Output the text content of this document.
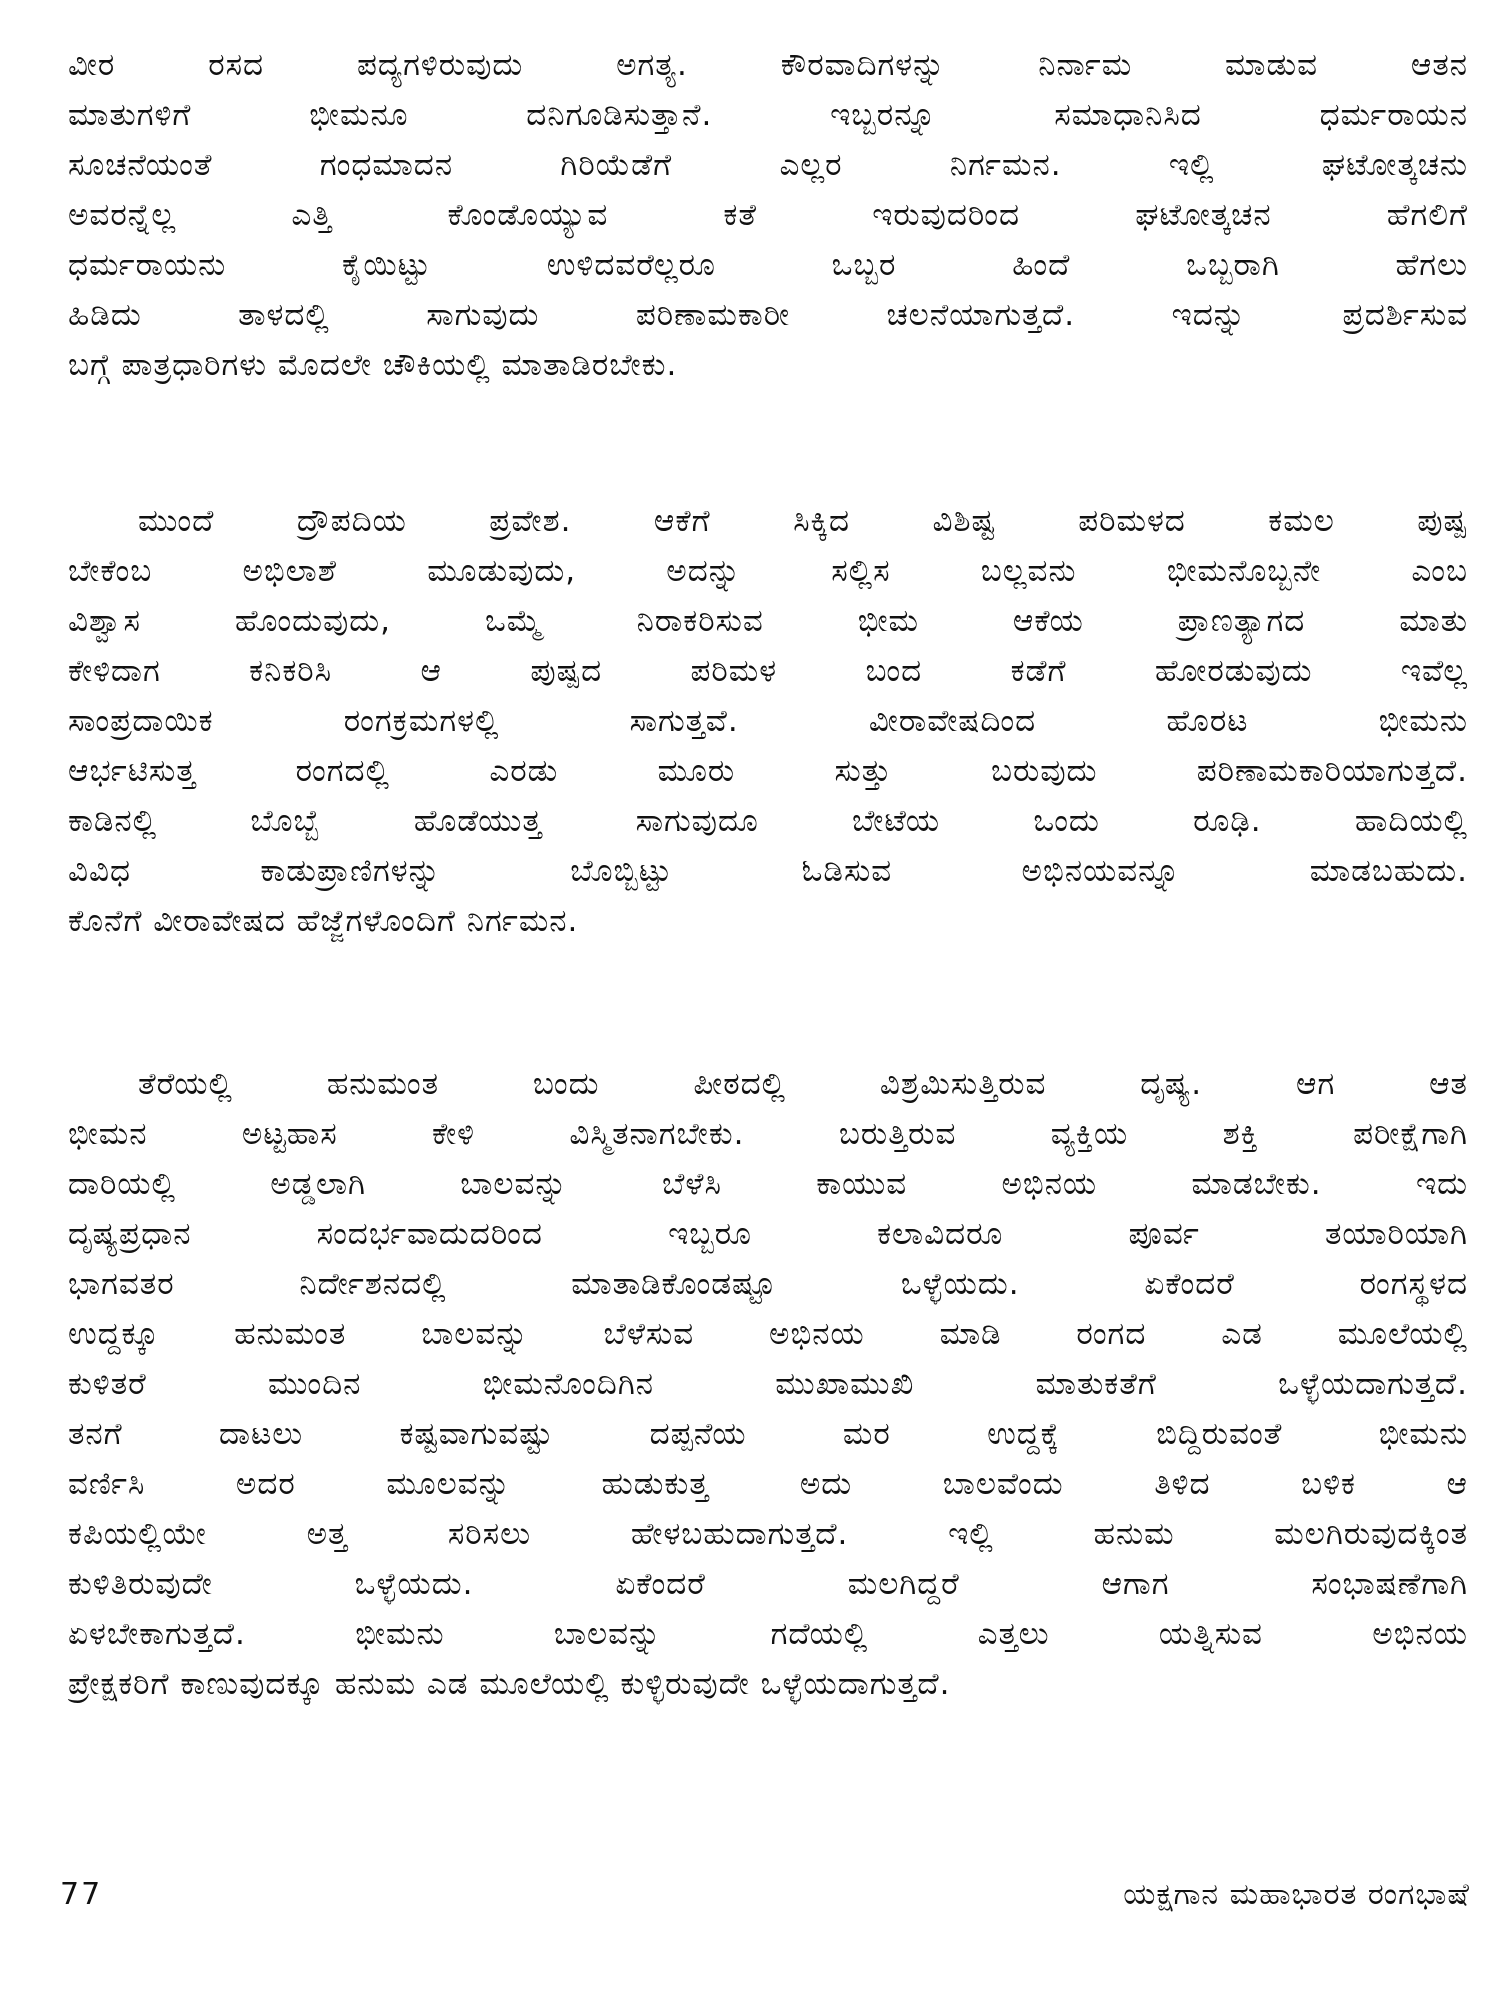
ವೀರ ರಸದ ಪದ್ಯಗಳಿರುವುದು ಅಗತ್ಯ. ಕೌರವಾದಿಗಳನ್ನು ನಿರ್ನಾಮ ಮಾಡುವ ಆತನ
ಮಾತುಗಳಿಗೆ ಭೀಮನೂ ದನಿಗೂಡಿಸುತ್ತಾನೆ. ಇಬ್ಬರನ್ನೂ ಸಮಾಧಾನಿಸಿದ ಧರ್ಮರಾಯನ
ಸೂಚನೆಯಂತೆ ಗಂಧಮಾದನ ಗಿರಿಯೆಡೆಗೆ ಎಲ್ಲರ ನಿರ್ಗಮನ. ಇಲ್ಲಿ ಘಟೋತ್ಕಚನು
ಅವರನ್ನೆಲ್ಲ ಎತ್ತಿ ಕೊಂಡೊಯ್ಯುವ ಕತೆ ಇರುವುದರಿಂದ ಘಟೋತ್ಕಚನ ಹೆಗಲಿಗೆ
ಧರ್ಮರಾಯನು ಕೈಯಿಟ್ಟು ಉಳಿದವರೆಲ್ಲರೂ ಒಬ್ಬರ ಹಿಂದೆ ಒಬ್ಬರಾಗಿ ಹೆಗಲು
ಹಿಡಿದು ತಾಳದಲ್ಲಿ ಸಾಗುವುದು ಪರಿಣಾಮಕಾರೀ ಚಲನೆಯಾಗುತ್ತದೆ. ಇದನ್ನು ಪ್ರದರ್ಶಿಸುವ
ಬಗ್ಗೆ ಪಾತ್ರಧಾರಿಗಳು ಮೊದಲೇ ಚೌಕಿಯಲ್ಲಿ ಮಾತಾಡಿರಬೇಕು.
ಮುಂದೆ ದ್ರೌಪದಿಯ ಪ್ರವೇಶ. ಆಕೆಗೆ ಸಿಕ್ಕಿದ ವಿಶಿಷ್ಟ ಪರಿಮಳದ ಕಮಲ ಪುಷ್ಪ
ಬೇಕೆಂಬ ಅಭಿಲಾಶೆ ಮೂಡುವುದು, ಅದನ್ನು ಸಲ್ಲಿಸ ಬಲ್ಲವನು ಭೀಮನೊಬ್ಬನೇ ಎಂಬ
ವಿಶ್ವಾಸ ಹೊಂದುವುದು, ಒಮ್ಮೆ ನಿರಾಕರಿಸುವ ಭೀಮ ಆಕೆಯ ಪ್ರಾಣತ್ಯಾಗದ ಮಾತು
ಕೇಳಿದಾಗ ಕನಿಕರಿಸಿ ಆ ಪುಷ್ಪದ ಪರಿಮಳ ಬಂದ ಕಡೆಗೆ ಹೋರಡುವುದು ಇವೆಲ್ಲ
ಸಾಂಪ್ರದಾಯಿಕ ರಂಗಕ್ರಮಗಳಲ್ಲಿ ಸಾಗುತ್ತವೆ. ವೀರಾವೇಷದಿಂದ ಹೊರಟ ಭೀಮನು
ಆರ್ಭಟಿಸುತ್ತ ರಂಗದಲ್ಲಿ ಎರಡು ಮೂರು ಸುತ್ತು ಬರುವುದು ಪರಿಣಾಮಕಾರಿಯಾಗುತ್ತದೆ.
ಕಾಡಿನಲ್ಲಿ ಬೊಬ್ಬೆ ಹೊಡೆಯುತ್ತ ಸಾಗುವುದೂ ಬೇಟೆಯ ಒಂದು ರೂಢಿ. ಹಾದಿಯಲ್ಲಿ
ವಿವಿಧ ಕಾಡುಪ್ರಾಣಿಗಳನ್ನು ಬೊಬ್ಬಿಟ್ಟು ಓಡಿಸುವ ಅಭಿನಯವನ್ನೂ ಮಾಡಬಹುದು.
ಕೊನೆಗೆ ವೀರಾವೇಷದ ಹೆಜ್ಜೆಗಳೊಂದಿಗೆ ನಿರ್ಗಮನ.
ತೆರೆಯಲ್ಲಿ ಹನುಮಂತ ಬಂದು ಪೀಠದಲ್ಲಿ ವಿಶ್ರಮಿಸುತ್ತಿರುವ ದೃಷ್ಯ. ಆಗ ಆತ
ಭೀಮನ ಅಟ್ಟಹಾಸ ಕೇಳಿ ವಿಸ್ಮಿತನಾಗಬೇಕು. ಬರುತ್ತಿರುವ ವ್ಯಕ್ತಿಯ ಶಕ್ತಿ ಪರೀಕ್ಷೆಗಾಗಿ
ದಾರಿಯಲ್ಲಿ ಅಡ್ಡಲಾಗಿ ಬಾಲವನ್ನು ಬೆಳೆಸಿ ಕಾಯುವ ಅಭಿನಯ ಮಾಡಬೇಕು. ಇದು
ದೃಷ್ಯಪ್ರಧಾನ ಸಂದರ್ಭವಾದುದರಿಂದ ಇಬ್ಬರೂ ಕಲಾವಿದರೂ ಪೂರ್ವ ತಯಾರಿಯಾಗಿ
ಭಾಗವತರ ನಿರ್ದೇಶನದಲ್ಲಿ ಮಾತಾಡಿಕೊಂಡಷ್ಟೂ ಒಳ್ಳೆಯದು. ಏಕೆಂದರೆ ರಂಗಸ್ಥಳದ
ಉದ್ದಕ್ಕೂ ಹನುಮಂತ ಬಾಲವನ್ನು ಬೆಳೆಸುವ ಅಭಿನಯ ಮಾಡಿ ರಂಗದ ಎಡ ಮೂಲೆಯಲ್ಲಿ
ಕುಳಿತರೆ ಮುಂದಿನ ಭೀಮನೊಂದಿಗಿನ ಮುಖಾಮುಖಿ ಮಾತುಕತೆಗೆ ಒಳ್ಳೆಯದಾಗುತ್ತದೆ.
ತನಗೆ ದಾಟಲು ಕಷ್ಟವಾಗುವಷ್ಟು ದಪ್ಪನೆಯ ಮರ ಉದ್ದಕ್ಕೆ ಬಿದ್ದಿರುವಂತೆ ಭೀಮನು
ವರ್ಣಿಸಿ ಅದರ ಮೂಲವನ್ನು ಹುಡುಕುತ್ತ ಅದು ಬಾಲವೆಂದು ತಿಳಿದ ಬಳಿಕ ಆ
ಕಪಿಯಲ್ಲಿಯೇ ಅತ್ತ ಸರಿಸಲು ಹೇಳಬಹುದಾಗುತ್ತದೆ. ಇಲ್ಲಿ ಹನುಮ ಮಲಗಿರುವುದಕ್ಕಿಂತ
ಕುಳಿತಿರುವುದೇ ಒಳ್ಳೆಯದು. ಏಕೆಂದರೆ ಮಲಗಿದ್ದರೆ ಆಗಾಗ ಸಂಭಾಷಣೆಗಾಗಿ
ಏಳಬೇಕಾಗುತ್ತದೆ. ಭೀಮನು ಬಾಲವನ್ನು ಗದೆಯಲ್ಲಿ ಎತ್ತಲು ಯತ್ನಿಸುವ ಅಭಿನಯ
ಪ್ರೇಕ್ಷಕರಿಗೆ ಕಾಣುವುದಕ್ಕೂ ಹನುಮ ಎಡ ಮೂಲೆಯಲ್ಲಿ ಕುಳ್ಳಿರುವುದೇ ಒಳ್ಳೆಯದಾಗುತ್ತದೆ.
77	ಯಕ್ಷಗಾನ ಮಹಾಭಾರತ ರಂಗಭಾಷೆ
